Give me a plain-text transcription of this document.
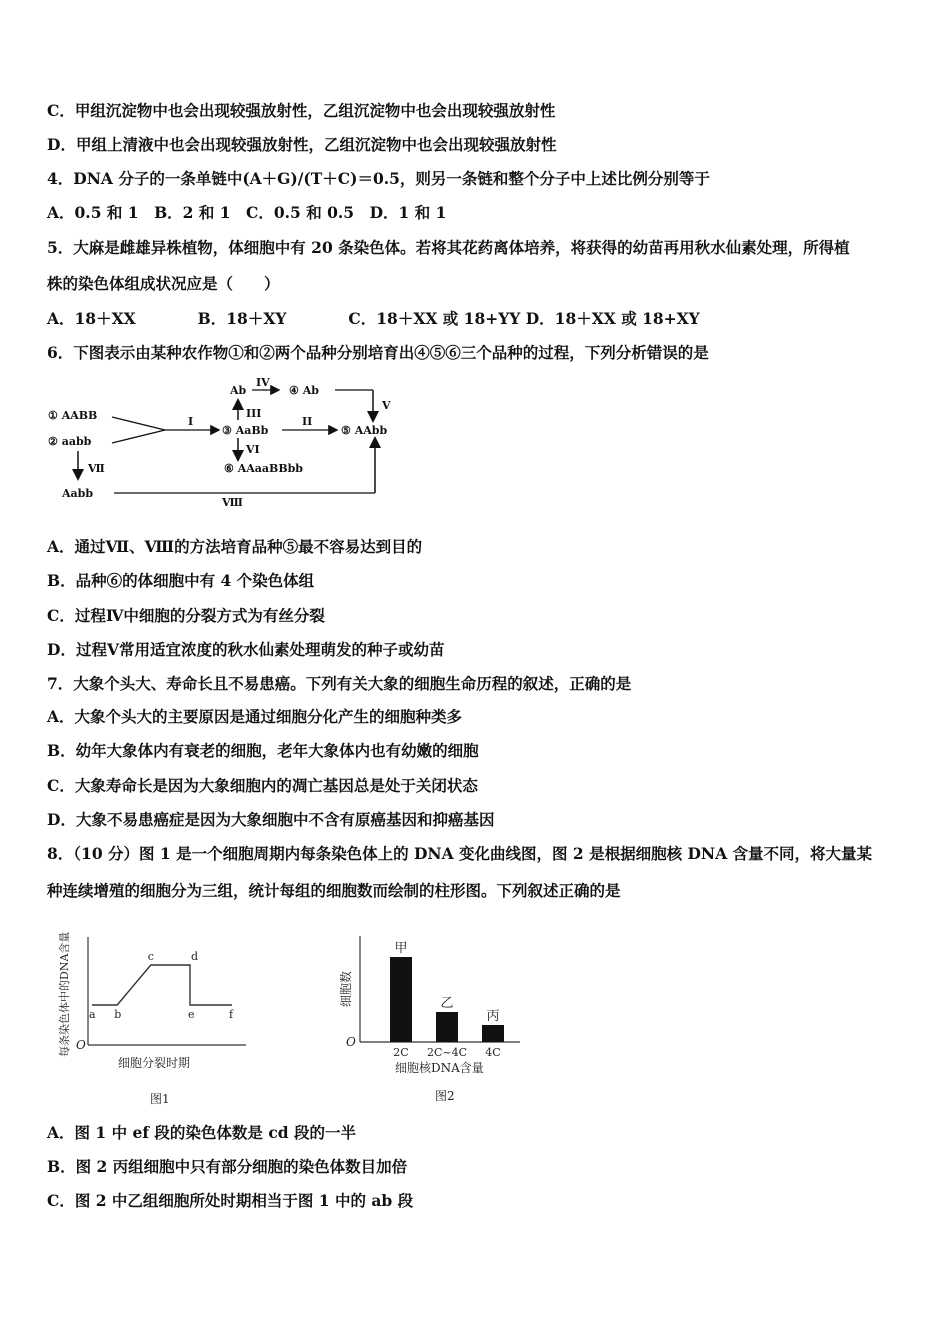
C．甲组沉淀物中也会出现较强放射性，乙组沉淀物中也会出现较强放射性
D．甲组上清液中也会出现较强放射性，乙组沉淀物中也会出现较强放射性
4．DNA 分子的一条单链中(A＋G)/(T＋C)＝0.5，则另一条链和整个分子中上述比例分别等于
A．0.5 和 1　B．2 和 1　C．0.5 和 0.5　D．1 和 1
5．大麻是雌雄异株植物，体细胞中有 20 条染色体。若将其花药离体培养，将获得的幼苗再用秋水仙素处理，所得植
株的染色体组成状况应是（　　）
A．18＋XX　　　　B．18＋XY　　　　C．18＋XX 或 18+YY D．18＋XX 或 18+XY
6．下图表示由某种农作物①和②两个品种分别培育出④⑤⑥三个品种的过程，下列分析错误的是
① AABB
② aabb
I
③ AaBb
III
Ab
IV
④ Ab
V
II
⑤ AAbb
VI
⑥ AAaaBBbb
Ⅶ
Aabb
Ⅷ
A．通过Ⅶ、Ⅷ的方法培育品种⑤最不容易达到目的
B．品种⑥的体细胞中有 4 个染色体组
C．过程Ⅳ中细胞的分裂方式为有丝分裂
D．过程Ⅴ常用适宜浓度的秋水仙素处理萌发的种子或幼苗
7．大象个头大、寿命长且不易患癌。下列有关大象的细胞生命历程的叙述，正确的是
A．大象个头大的主要原因是通过细胞分化产生的细胞种类多
B．幼年大象体内有衰老的细胞，老年大象体内也有幼嫩的细胞
C．大象寿命长是因为大象细胞内的凋亡基因总是处于关闭状态
D．大象不易患癌症是因为大象细胞中不含有原癌基因和抑癌基因
8．（10 分）图 1 是一个细胞周期内每条染色体上的 DNA 变化曲线图，图 2 是根据细胞核 DNA 含量不同，将大量某
种连续增殖的细胞分为三组，统计每组的细胞数而绘制的柱形图。下列叙述正确的是
O
a b
c	d
e	f
细胞分裂时期
每条染色体中的DNA含量
图1
O
甲
2C
乙
2C~4C
丙
4C
细胞核DNA含量
细胞数
图2
A．图 1 中 ef 段的染色体数是 cd 段的一半
B．图 2 丙组细胞中只有部分细胞的染色体数目加倍
C．图 2 中乙组细胞所处时期相当于图 1 中的 ab 段
